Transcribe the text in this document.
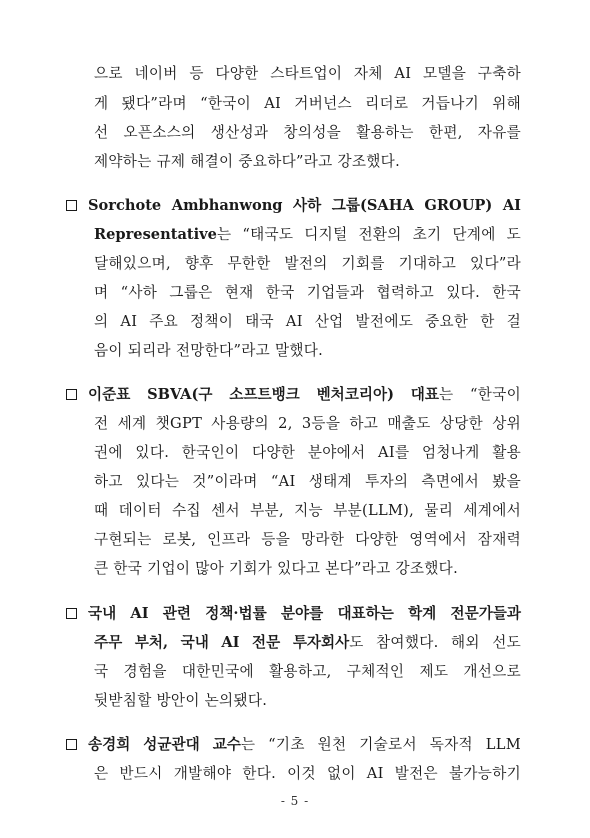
으로 네이버 등 다양한 스타트업이 자체 AI 모델을 구축하
게 됐다”라며 “한국이 AI 거버넌스 리더로 거듭나기 위해
선 오픈소스의 생산성과 창의성을 활용하는 한편, 자유를
제약하는 규제 해결이 중요하다”라고 강조했다.
Sorchote Ambhanwong 사하 그룹(SAHA GROUP) AI
Representative는 “태국도 디지털 전환의 초기 단계에 도
달해있으며, 향후 무한한 발전의 기회를 기대하고 있다”라
며 “사하 그룹은 현재 한국 기업들과 협력하고 있다. 한국
의 AI 주요 정책이 태국 AI 산업 발전에도 중요한 한 걸
음이 되리라 전망한다”라고 말했다.
이준표 SBVA(구 소프트뱅크 벤처코리아) 대표는 “한국이
전 세계 챗GPT 사용량의 2, 3등을 하고 매출도 상당한 상위
권에 있다. 한국인이 다양한 분야에서 AI를 엄청나게 활용
하고 있다는 것”이라며 “AI 생태계 투자의 측면에서 봤을
때 데이터 수집 센서 부분, 지능 부분(LLM), 물리 세계에서
구현되는 로봇, 인프라 등을 망라한 다양한 영역에서 잠재력
큰 한국 기업이 많아 기회가 있다고 본다”라고 강조했다.
국내 AI 관련 정책·법률 분야를 대표하는 학계 전문가들과
주무 부처, 국내 AI 전문 투자회사도 참여했다. 해외 선도
국 경험을 대한민국에 활용하고, 구체적인 제도 개선으로
뒷받침할 방안이 논의됐다.
송경희 성균관대 교수는 “기초 원천 기술로서 독자적 LLM
은 반드시 개발해야 한다. 이것 없이 AI 발전은 불가능하기
- 5 -
